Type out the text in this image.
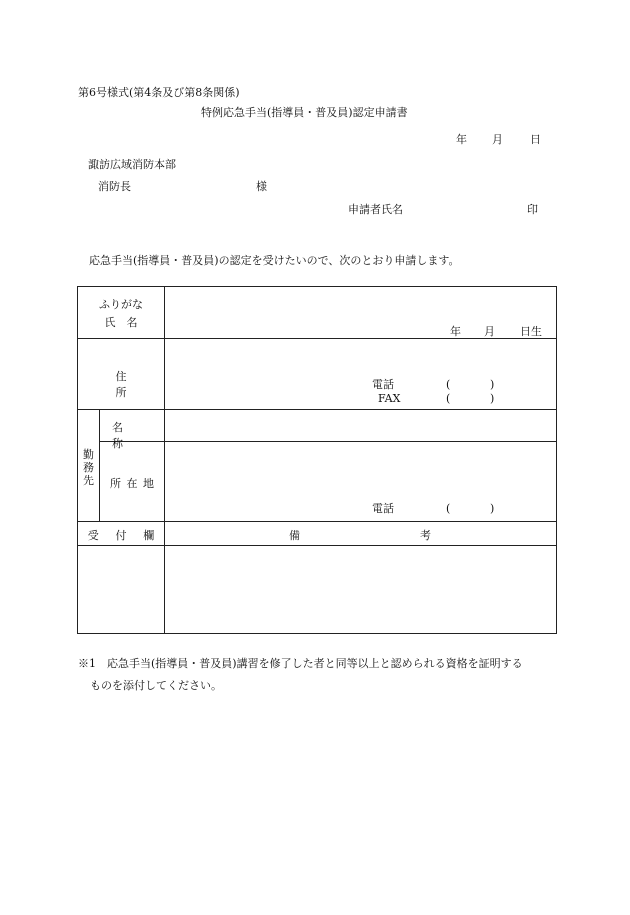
第6号様式(第4条及び第8条関係)
特例応急手当(指導員・普及員)認定申請書
年 月 日
諏訪広域消防本部
消防長	様
申請者氏名	印
応急手当(指導員・普及員)の認定を受けたいので、次のとおり申請します。
ふりがな
氏名		年 月 日生

住所		電話 ( )
FAX ( )

勤務先	名称	

	所在地	電話 ( )

受 付 欄		備 考

※1　応急手当(指導員・普及員)講習を修了した者と同等以上と認められる資格を証明する
ものを添付してください。
